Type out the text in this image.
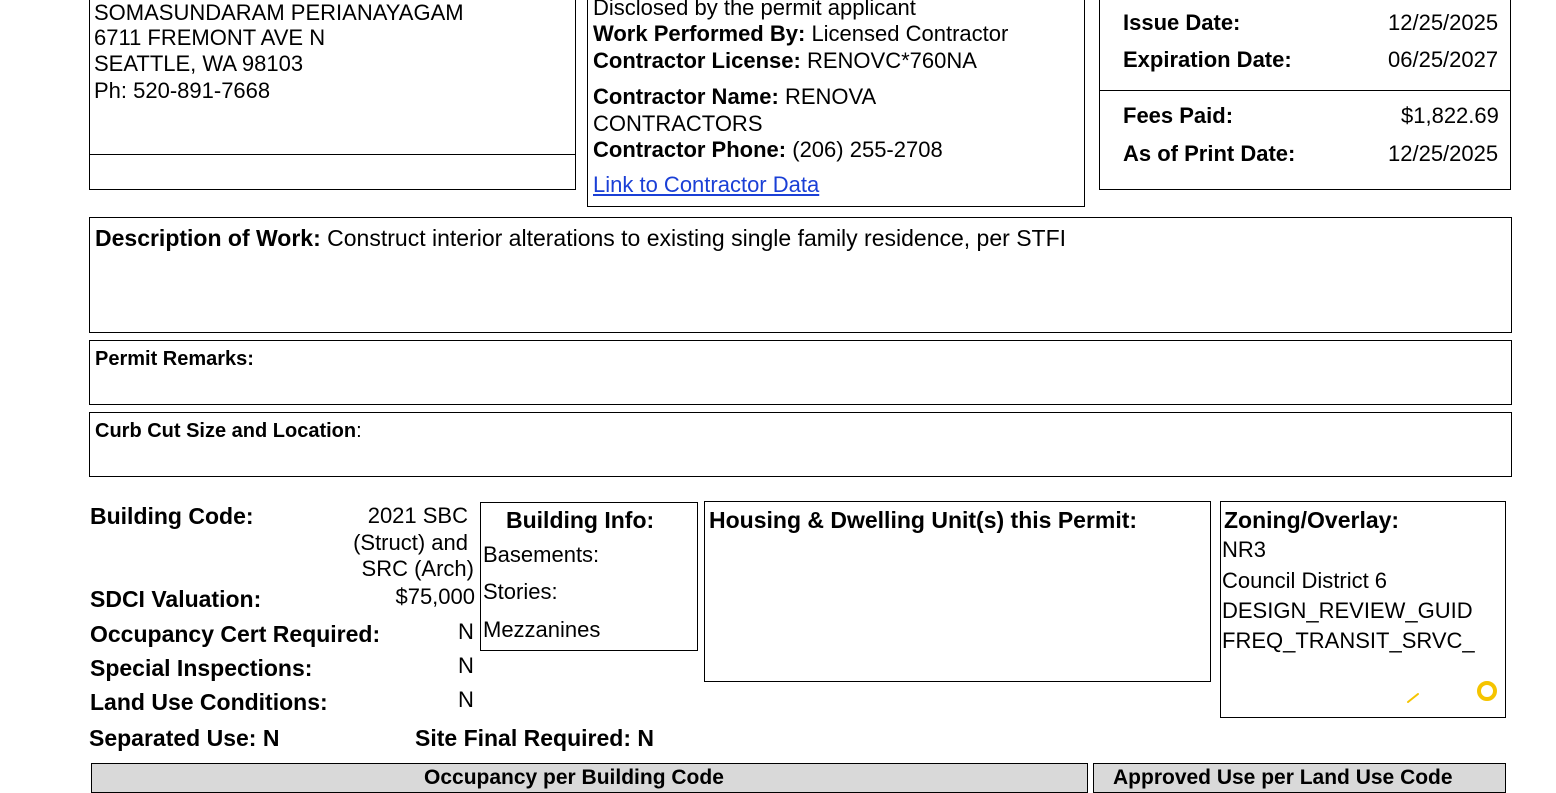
SOMASUNDARAM PERIANAYAGAM
6711 FREMONT AVE N
SEATTLE, WA 98103
Ph: 520-891-7668
Disclosed by the permit applicant
Work Performed By: Licensed Contractor
Contractor License: RENOVC*760NA
Contractor Name: RENOVA
CONTRACTORS
Contractor Phone: (206) 255-2708
Link to Contractor Data
Issue Date:	12/25/2025
Expiration Date:	06/25/2027
Fees Paid:	$1,822.69
As of Print Date:	12/25/2025
Description of Work: Construct interior alterations to existing single family residence, per STFI
Permit Remarks:
Curb Cut Size and Location:
Building Code:	2021 SBC
(Struct) and
SRC (Arch)
SDCI Valuation:	$75,000
Occupancy Cert Required:	N
Special Inspections:	N
Land Use Conditions:	N
Separated Use: N	Site Final Required: N
Building Info:
Basements:
Stories:
Mezzanines
Housing & Dwelling Unit(s) this Permit:	Zoning/Overlay:
NR3
Council District 6
DESIGN_REVIEW_GUID
FREQ_TRANSIT_SRVC_
Occupancy per Building Code	Approved Use per Land Use Code
